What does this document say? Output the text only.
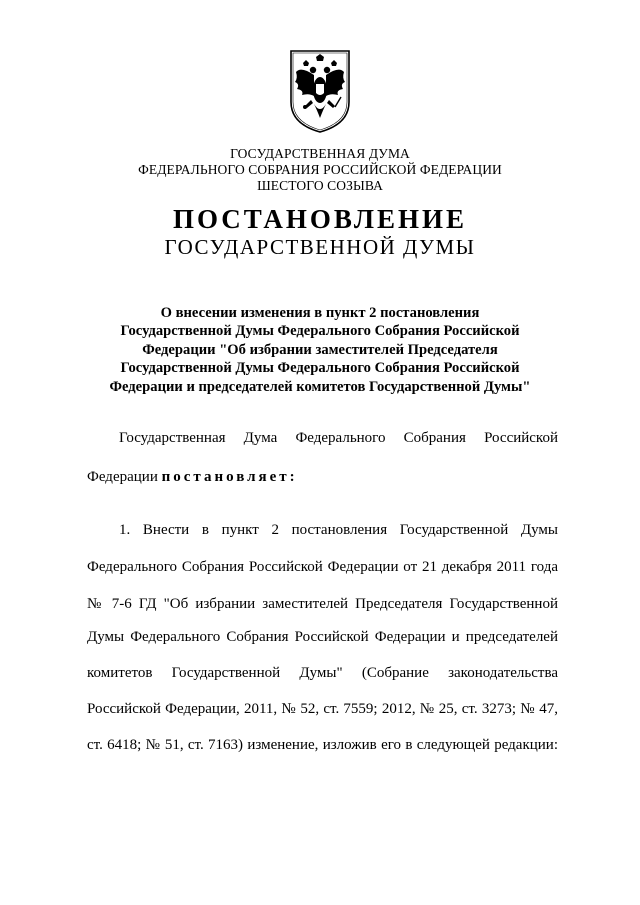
ГОСУДАРСТВЕННАЯ ДУМА
ФЕДЕРАЛЬНОГО СОБРАНИЯ РОССИЙСКОЙ ФЕДЕРАЦИИ
ШЕСТОГО СОЗЫВА
ПОСТАНОВЛЕНИЕ
ГОСУДАРСТВЕННОЙ ДУМЫ
О внесении изменения в пункт 2 постановления
Государственной Думы Федерального Собрания Российской
Федерации "Об избрании заместителей Председателя
Государственной Думы Федерального Собрания Российской
Федерации и председателей комитетов Государственной Думы"
Государственная Дума Федерального Собрания Российской
Федерации постановляет:
1. Внести в пункт 2 постановления Государственной Думы
Федерального Собрания Российской Федерации от 21 декабря 2011 года
№ 7-6 ГД "Об избрании заместителей Председателя Государственной
Думы Федерального Собрания Российской Федерации и председателей
комитетов Государственной Думы" (Собрание законодательства
Российской Федерации, 2011, № 52, ст. 7559; 2012, № 25, ст. 3273; № 47,
ст. 6418; № 51, ст. 7163) изменение, изложив его в следующей редакции:
